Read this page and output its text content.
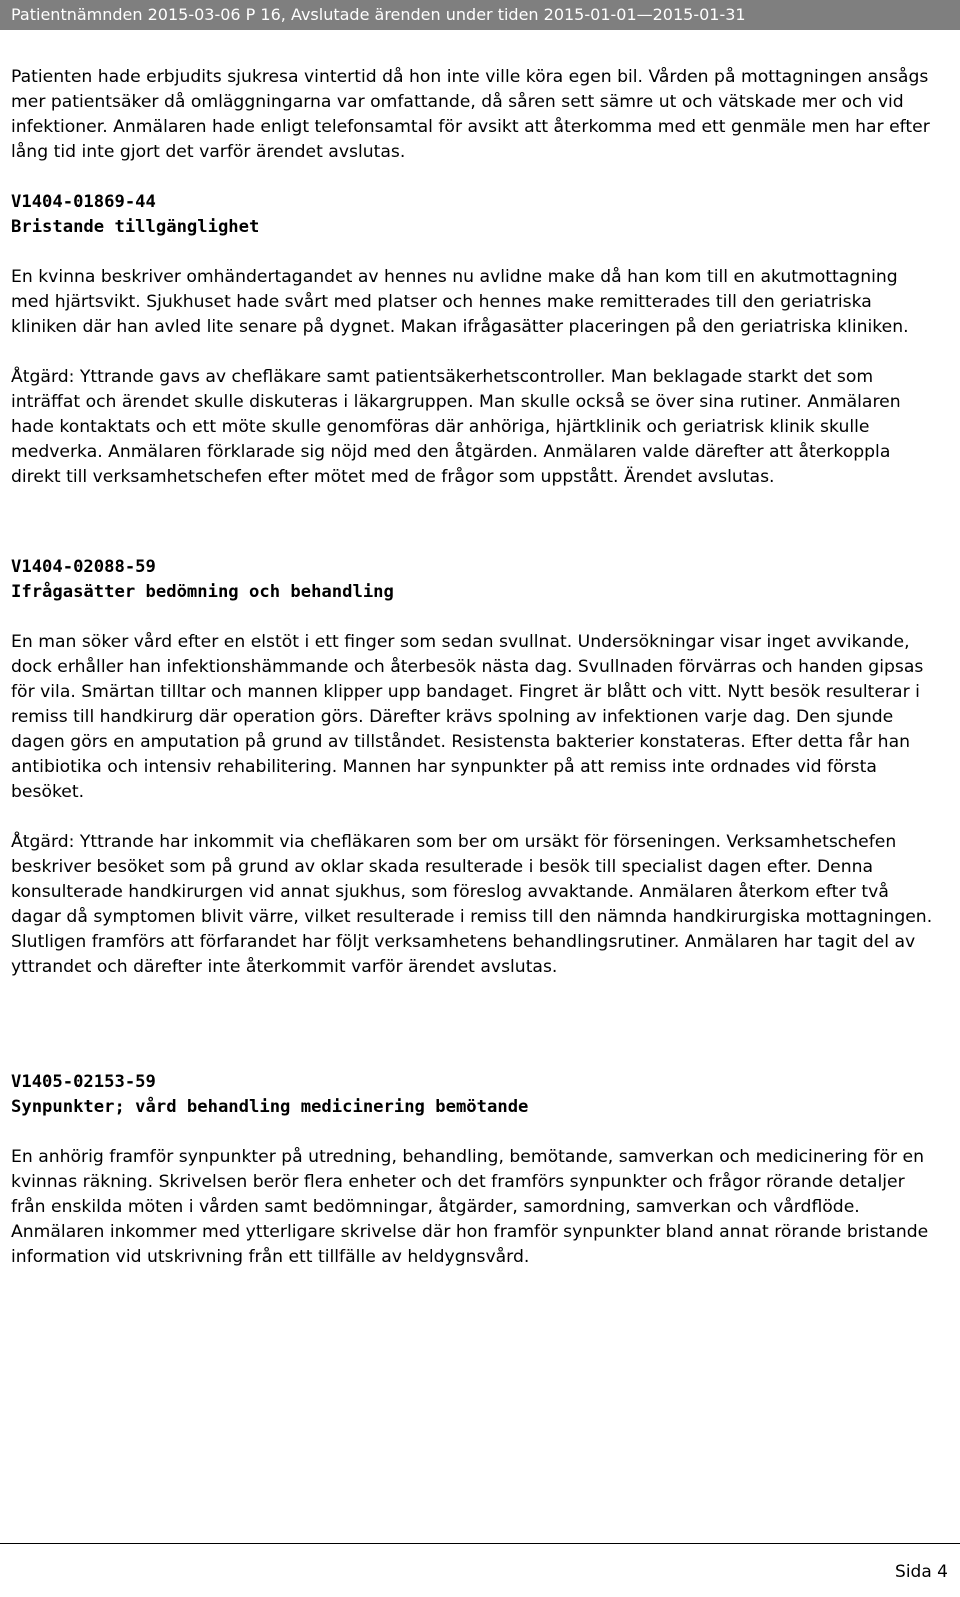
Patientnämnden 2015-03-06 P 16, Avslutade ärenden under tiden 2015-01-01—2015-01-31

Patienten hade erbjudits sjukresa vintertid då hon inte ville köra egen bil. Vården på mottagningen ansågs mer patientsäker då omläggningarna var omfattande, då såren sett sämre ut och vätskade mer och vid infektioner. Anmälaren hade enligt telefonsamtal för avsikt att återkomma med ett genmäle men har efter lång tid inte gjort det varför ärendet avslutas.

V1404-01869-44
Bristande tillgänglighet

En kvinna beskriver omhändertagandet av hennes nu avlidne make då han kom till en akutmottagning med hjärtsvikt. Sjukhuset hade svårt med platser och hennes make remitterades till den geriatriska kliniken där han avled lite senare på dygnet. Makan ifrågasätter placeringen på den geriatriska kliniken.

Åtgärd: Yttrande gavs av chefläkare samt patientsäkerhetscontroller. Man beklagade starkt det som inträffat och ärendet skulle diskuteras i läkargruppen. Man skulle också se över sina rutiner. Anmälaren hade kontaktats och ett möte skulle genomföras där anhöriga, hjärtklinik och geriatrisk klinik skulle medverka. Anmälaren förklarade sig nöjd med den åtgärden. Anmälaren valde därefter att återkoppla direkt till verksamhetschefen efter mötet med de frågor som uppstått. Ärendet avslutas.

V1404-02088-59
Ifrågasätter bedömning och behandling

En man söker vård efter en elstöt i ett finger som sedan svullnat. Undersökningar visar inget avvikande, dock erhåller han infektionshämmande och återbesök nästa dag. Svullnaden förvärras och handen gipsas för vila. Smärtan tilltar och mannen klipper upp bandaget. Fingret är blått och vitt. Nytt besök resulterar i remiss till handkirurg där operation görs. Därefter krävs spolning av infektionen varje dag. Den sjunde dagen görs en amputation på grund av tillståndet. Resistensta bakterier konstateras. Efter detta får han antibiotika och intensiv rehabilitering. Mannen har synpunkter på att remiss inte ordnades vid första besöket.

Åtgärd: Yttrande har inkommit via chefläkaren som ber om ursäkt för förseningen. Verksamhetschefen beskriver besöket som på grund av oklar skada resulterade i besök till specialist dagen efter. Denna konsulterade handkirurgen vid annat sjukhus, som föreslog avvaktande. Anmälaren återkom efter två dagar då symptomen blivit värre, vilket resulterade i remiss till den nämnda handkirurgiska mottagningen. Slutligen framförs att förfarandet har följt verksamhetens behandlingsrutiner. Anmälaren har tagit del av yttrandet och därefter inte återkommit varför ärendet avslutas.

V1405-02153-59
Synpunkter; vård behandling medicinering bemötande

En anhörig framför synpunkter på utredning, behandling, bemötande, samverkan och medicinering för en kvinnas räkning. Skrivelsen berör flera enheter och det framförs synpunkter och frågor rörande detaljer från enskilda möten i vården samt bedömningar, åtgärder, samordning, samverkan och vårdflöde. Anmälaren inkommer med ytterligare skrivelse där hon framför synpunkter bland annat rörande bristande information vid utskrivning från ett tillfälle av heldygnsvård.

Sida 4
